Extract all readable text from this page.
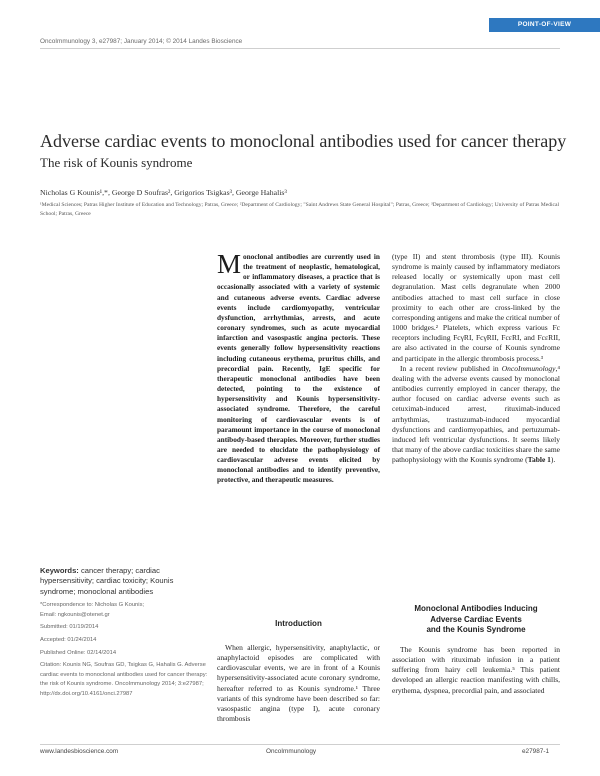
POINT-OF-VIEW
OncoImmunology 3, e27987; January 2014; © 2014 Landes Bioscience
Adverse cardiac events to monoclonal antibodies used for cancer therapy
The risk of Kounis syndrome
Nicholas G Kounis¹,*, George D Soufras², Grigorios Tsigkas³, George Hahalis³
¹Medical Sciences; Patras Higher Institute of Education and Technology; Patras, Greece; ²Department of Cardiology; "Saint Andrews State General Hospital"; Patras, Greece; ³Department of Cardiology; University of Patras Medical School; Patras, Greece

Monoclonal antibodies are currently used in the treatment of neoplastic, hematological, or inflammatory diseases, a practice that is occasionally associated with a variety of systemic and cutaneous adverse events. Cardiac adverse events include cardiomyopathy, ventricular dysfunction, arrhythmias, arrests, and acute coronary syndromes, such as acute myocardial infarction and vasospastic angina pectoris. These events generally follow hypersensitivity reactions including cutaneous erythema, pruritus chills, and precordial pain. Recently, IgE specific for therapeutic monoclonal antibodies have been detected, pointing to the existence of hypersensitivity and Kounis hypersensitivity-associated syndrome. Therefore, the careful monitoring of cardiovascular events is of paramount importance in the course of monoclonal antibody-based therapies. Moreover, further studies are needed to elucidate the pathophysiology of cardiovascular adverse events elicited by monoclonal antibodies and to identify preventive, protective, and therapeutic measures.

(type II) and stent thrombosis (type III). Kounis syndrome is mainly caused by inflammatory mediators released locally or systemically upon mast cell degranulation. Mast cells degranulate when 2000 antibodies attached to mast cell surface in close proximity to each other are cross-linked by the corresponding antigens and make the critical number of 1000 bridges.² Platelets, which express various Fc receptors including FcγRI, FcγRII, FcεRI, and FcεRII, are also activated in the course of Kounis syndrome and participate in the allergic thrombosis process.³

In a recent review published in OncoImmunology,⁴ dealing with the adverse events caused by monoclonal antibodies currently employed in cancer therapy, the author focused on cardiac adverse events such as cetuximab-induced arrest, rituximab-induced arrhythmias, trastuzumab-induced myocardial dysfunctions and cardiomyopathies, and pertuzumab-induced left ventricular dysfunctions. It seems likely that many of the above cardiac toxicities share the same pathophysiology with the Kounis syndrome (Table 1).

Keywords: cancer therapy; cardiac hypersensitivity; cardiac toxicity; Kounis syndrome; monoclonal antibodies
*Correspondence to: Nicholas G Kounis;
Email: ngkounis@otenet.gr
Submitted: 01/19/2014
Accepted: 01/24/2014
Published Online: 02/14/2014
Citation: Kounis NG, Soufras GD, Tsigkas G, Hahalis G. Adverse cardiac events to monoclonal antibodies used for cancer therapy: the risk of Kounis syndrome. OncoImmunology 2014; 3:e27987; http://dx.doi.org/10.4161/onci.27987
Introduction

When allergic, hypersensitivity, anaphylactic, or anaphylactoid episodes are complicated with cardiovascular events, we are in front of a Kounis hypersensitivity-associated acute coronary syndrome, hereafter referred to as Kounis syndrome.¹ Three variants of this syndrome have been described so far: vasospastic angina (type I), acute coronary thrombosis

Monoclonal Antibodies Inducing
Adverse Cardiac Events
and the Kounis Syndrome

The Kounis syndrome has been reported in association with rituximab infusion in a patient suffering from hairy cell leukemia.⁵ This patient developed an allergic reaction manifesting with chills, erythema, dyspnea, precordial pain, and associated

www.landesbioscience.com	OncoImmunology	e27987-1
